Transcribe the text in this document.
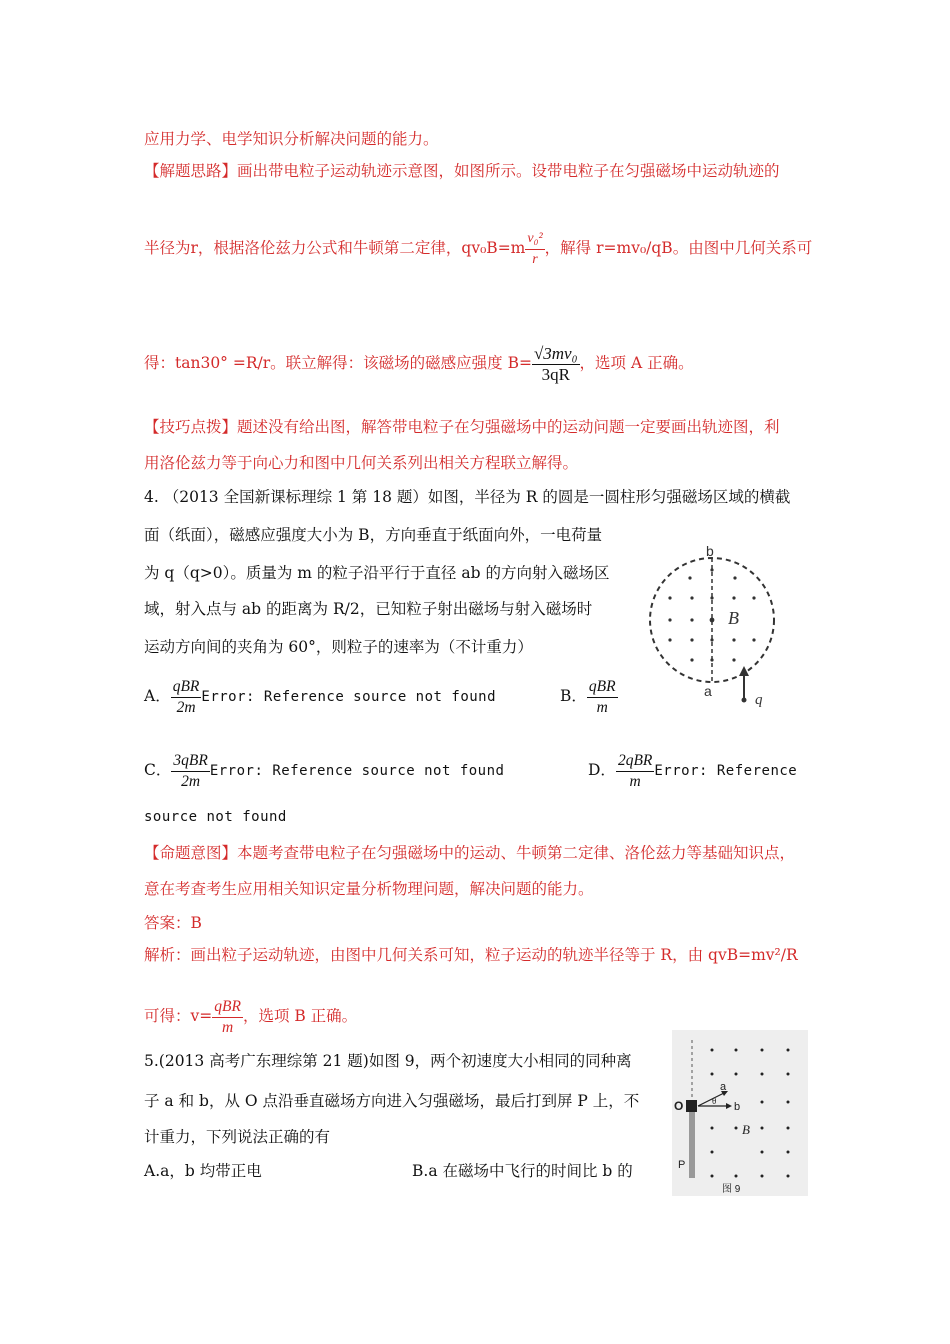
应用力学、电学知识分析解决问题的能力。
【解题思路】画出带电粒子运动轨迹示意图，如图所示。设带电粒子在匀强磁场中运动轨迹的
半径为r，根据洛伦兹力公式和牛顿第二定律，$qv_0B=m \frac{\text{v₀²}}{r}$ ，解得 r=mv₀/qB。由图中几何关系可
得：tan30° =R/r。联立解得：该磁场的磁感应强度 $B= \frac{\text{√3mv₀}}{3qR}$ ，选项 A 正确。
【技巧点拨】题述没有给出图，解答带电粒子在匀强磁场中的运动问题一定要画出轨迹图，利
用洛伦兹力等于向心力和图中几何关系列出相关方程联立解得。
4. （2013 全国新课标理综 1 第 18 题）如图，半径为 R 的圆是一圆柱形匀强磁场区域的横截
面（纸面），磁感应强度大小为 B，方向垂直于纸面向外，一电荷量
为 q（q>0）。质量为 m 的粒子沿平行于直径 ab 的方向射入磁场区
域，射入点与 ab 的距离为 R/2，已知粒子射出磁场与射入磁场时
运动方向间的夹角为 60°，则粒子的速率为（不计重力）
b
B
a
q
A． $\frac{\text{qBR}}{2m}$ Error: Reference source not found	B． $\frac{\text{qBR}}{m}$
C． $\frac{\text{3qBR}}{2m}$ Error: Reference source not found	D． $\frac{\text{2qBR}}{m}$ Error: Reference
source not found
【命题意图】本题考查带电粒子在匀强磁场中的运动、牛顿第二定律、洛伦兹力等基础知识点，
意在考查考生应用相关知识定量分析物理问题，解决问题的能力。
答案：B
解析：画出粒子运动轨迹，由图中几何关系可知，粒子运动的轨迹半径等于 R，由 qvB=mv²/R
可得：$v= \frac{\text{qBR}}{m}$ ，选项 B 正确。
5.(2013 高考广东理综第 21 题)如图 9，两个初速度大小相同的同种离
子 a 和 b，从 O 点沿垂直磁场方向进入匀强磁场，最后打到屏 P 上，不
计重力，下列说法正确的有
A.a，b 均带正电	B.a 在磁场中飞行的时间比 b 的
O
a
b
θ
B
P
图 9
